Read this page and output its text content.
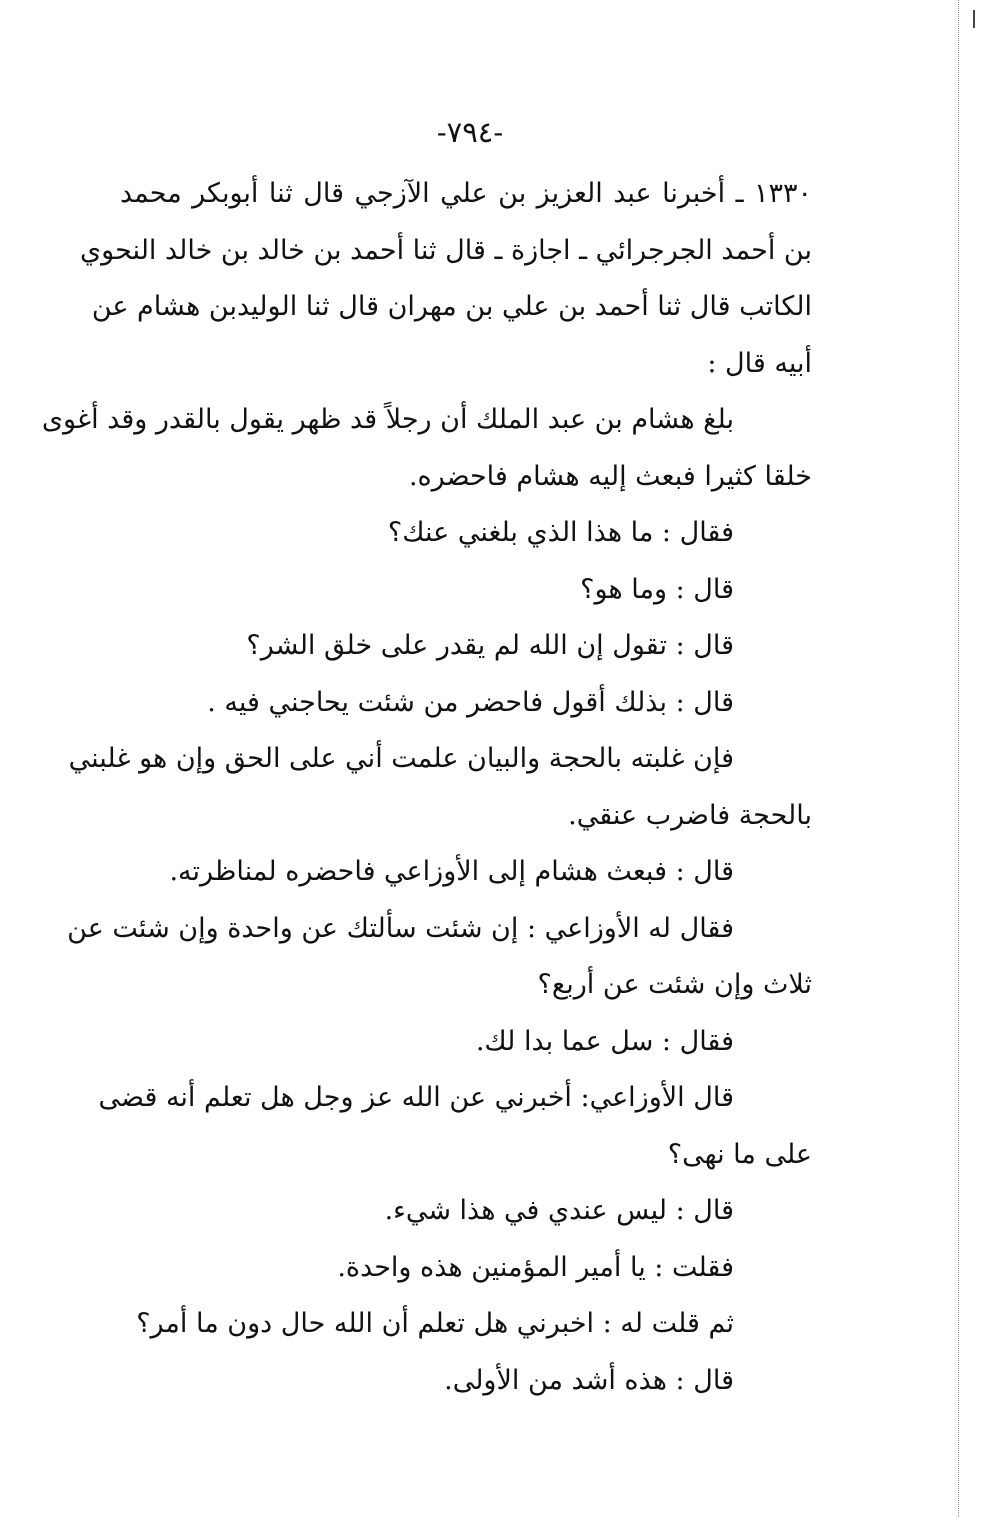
-٧٩٤-
١٣٣٠ ـ أخبرنا عبد العزيز بن علي الآزجي قال ثنا أبوبكر محمد
بن أحمد الجرجرائي ـ اجازة ـ قال ثنا أحمد بن خالد بن خالد النحوي
الكاتب قال ثنا أحمد بن علي بن مهران قال ثنا الوليدبن هشام عن
أبيه قال :
بلغ هشام بن عبد الملك أن رجلاً قد ظهر يقول بالقدر وقد أغوى
خلقا كثيرا فبعث إليه هشام فاحضره.
فقال : ما هذا الذي بلغني عنك؟
قال : وما هو؟
قال : تقول إن الله لم يقدر على خلق الشر؟
قال : بذلك أقول فاحضر من شئت يحاجني فيه .
فإن غلبته بالحجة والبيان علمت أني على الحق وإن هو غلبني
بالحجة فاضرب عنقي.
قال : فبعث هشام إلى الأوزاعي فاحضره لمناظرته.
فقال له الأوزاعي : إن شئت سألتك عن واحدة وإن شئت عن
ثلاث وإن شئت عن أربع؟
فقال : سل عما بدا لك.
قال الأوزاعي: أخبرني عن الله عز وجل هل تعلم أنه قضى
على ما نهى؟
قال : ليس عندي في هذا شيء.
فقلت : يا أمير المؤمنين هذه واحدة.
ثم قلت له : اخبرني هل تعلم أن الله حال دون ما أمر؟
قال : هذه أشد من الأولى.
